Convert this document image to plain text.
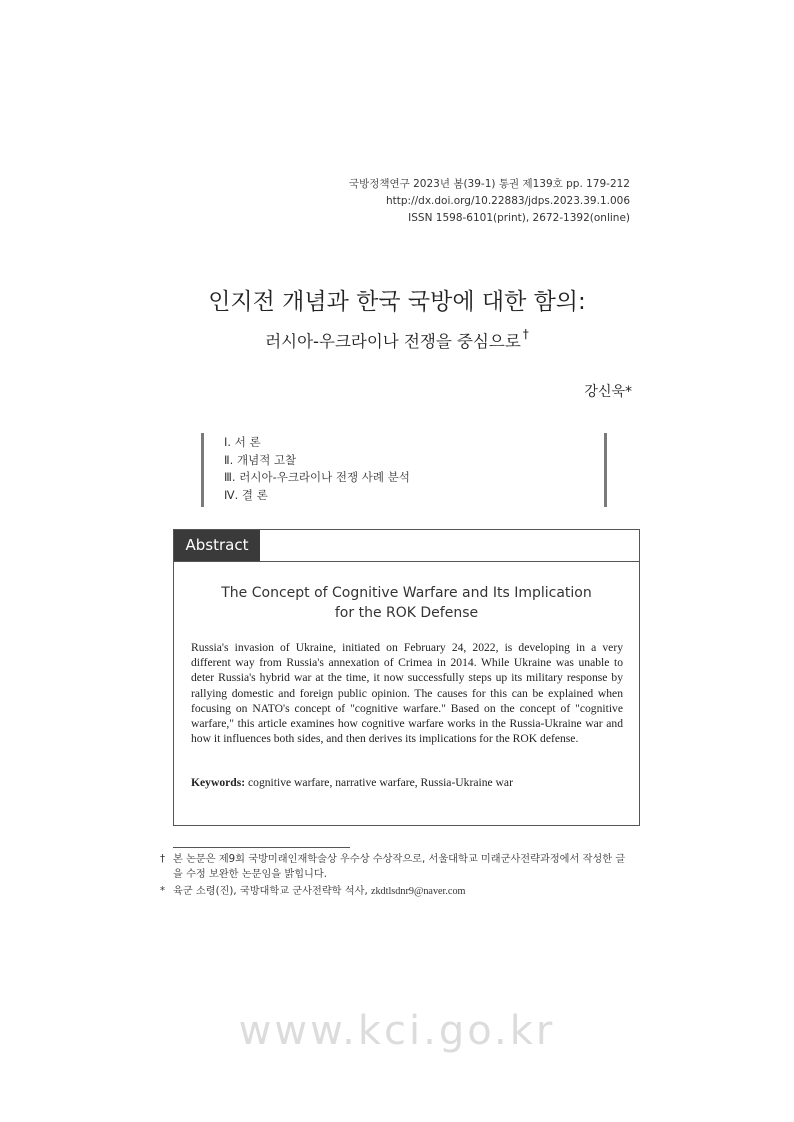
국방정책연구 2023년 봄(39-1) 통권 제139호 pp. 179-212
http://dx.doi.org/10.22883/jdps.2023.39.1.006
ISSN 1598-6101(print), 2672-1392(online)
인지전 개념과 한국 국방에 대한 함의:
러시아-우크라이나 전쟁을 중심으로 †
강신욱*
Ⅰ. 서 론
Ⅱ. 개념적 고찰
Ⅲ. 러시아-우크라이나 전쟁 사례 분석
Ⅳ. 결 론
Abstract
The Concept of Cognitive Warfare and Its Implication
for the ROK Defense
Russia's invasion of Ukraine, initiated on February 24, 2022, is developing in a very different way from Russia's annexation of Crimea in 2014. While Ukraine was unable to deter Russia's hybrid war at the time, it now successfully steps up its military response by rallying domestic and foreign public opinion. The causes for this can be explained when focusing on NATO's concept of "cognitive warfare." Based on the concept of "cognitive warfare," this article examines how cognitive warfare works in the Russia-Ukraine war and how it influences both sides, and then derives its implications for the ROK defense.
Keywords: cognitive warfare, narrative warfare, Russia-Ukraine war
† 본 논문은 제9회 국방미래인재학술상 우수상 수상작으로, 서울대학교 미래군사전략과정에서 작성한 글을 수정 보완한 논문임을 밝힙니다.
* 육군 소령(진), 국방대학교 군사전략학 석사, zkdtlsdnr9@naver.com
www.kci.go.kr
